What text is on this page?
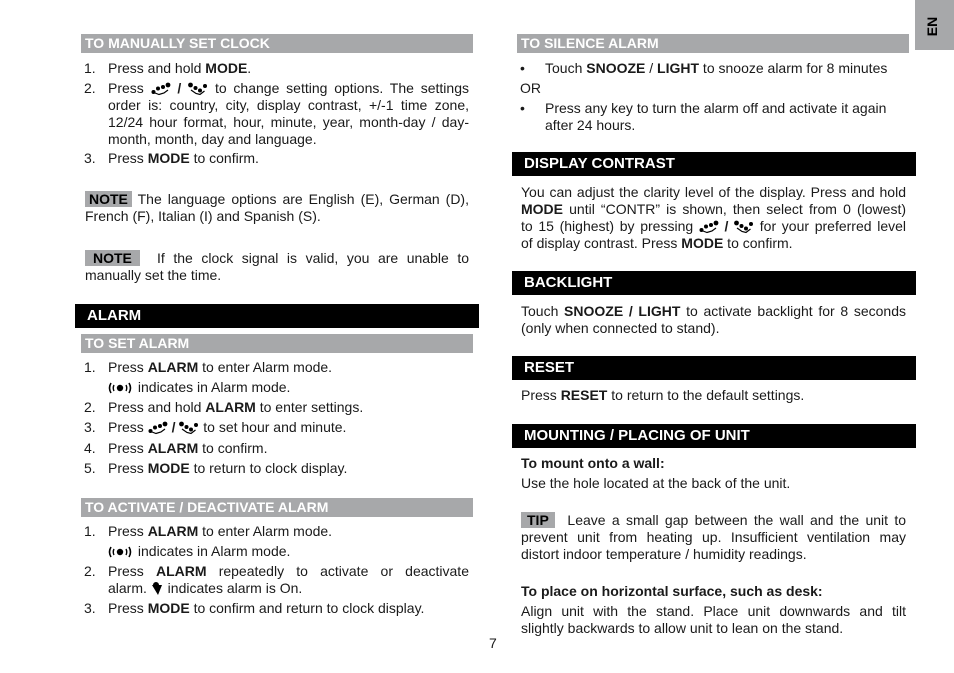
EN
TO MANUALLY SET CLOCK
1. Press and hold MODE.
2. Press  /  to change setting options. The settings
order is: country, city, display contrast, +/-1 time zone,
12/24 hour format, hour, minute, year, month-day / day-
month, month, day and language.
3. Press MODE to confirm.
NOTE The language options are English (E), German (D),
French (F), Italian (I) and Spanish (S).
NOTE If the clock signal is valid, you are unable to
manually set the time.
ALARM
TO SET ALARM
1. Press ALARM to enter Alarm mode.
indicates in Alarm mode.
2. Press and hold ALARM to enter settings.
3. Press  /  to set hour and minute.
4. Press ALARM to confirm.
5. Press MODE to return to clock display.
TO ACTIVATE / DEACTIVATE ALARM
1. Press ALARM to enter Alarm mode.
indicates in Alarm mode.
2. Press ALARM repeatedly to activate or deactivate
alarm.  indicates alarm is On.
3. Press MODE to confirm and return to clock display.
TO SILENCE ALARM
• Touch SNOOZE / LIGHT to snooze alarm for 8 minutes
OR
• Press any key to turn the alarm off and activate it again
after 24 hours.
DISPLAY CONTRAST
You can adjust the clarity level of the display. Press and hold
MODE until “CONTR” is shown, then select from 0 (lowest)
to 15 (highest) by pressing  /  for your preferred level
of display contrast. Press MODE to confirm.
BACKLIGHT
Touch SNOOZE / LIGHT to activate backlight for 8 seconds
(only when connected to stand).
RESET
Press RESET to return to the default settings.
MOUNTING / PLACING OF UNIT
To mount onto a wall:
Use the hole located at the back of the unit.
TIP Leave a small gap between the wall and the unit to
prevent unit from heating up. Insufficient ventilation may
distort indoor temperature / humidity readings.
To place on horizontal surface, such as desk:
Align unit with the stand. Place unit downwards and tilt
slightly backwards to allow unit to lean on the stand.
7
